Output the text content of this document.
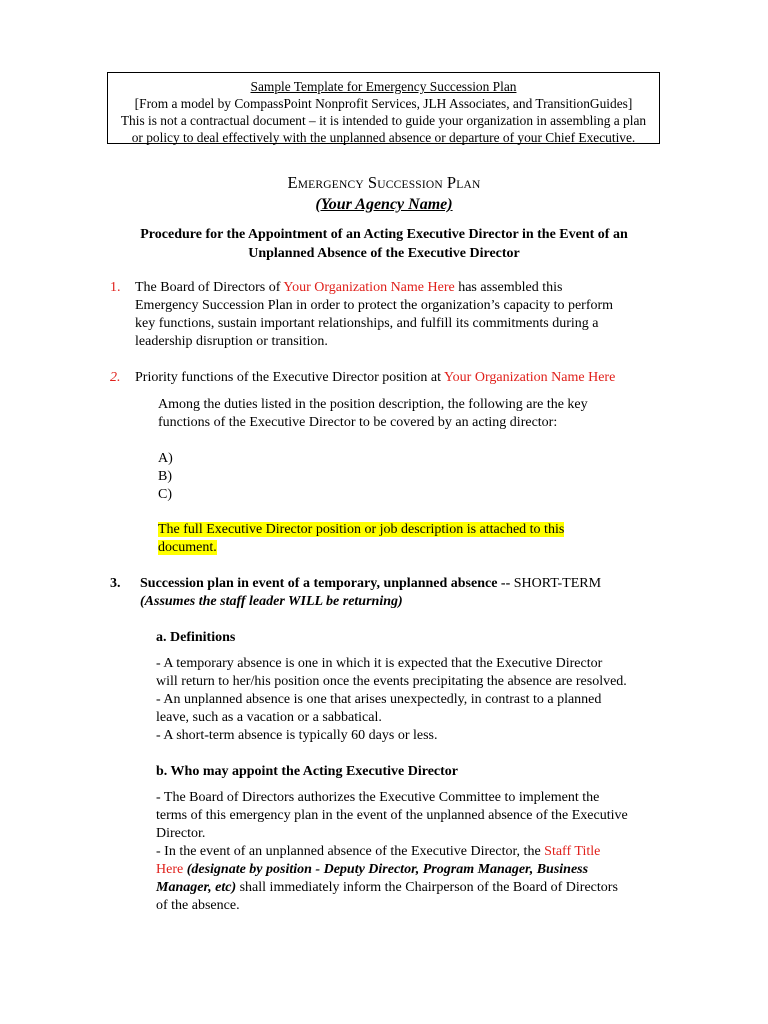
Sample Template for Emergency Succession Plan
[From a model by CompassPoint Nonprofit Services, JLH Associates, and TransitionGuides]
This is not a contractual document – it is intended to guide your organization in assembling a plan
or policy to deal effectively with the unplanned absence or departure of your Chief Executive.
EMERGENCY SUCCESSION PLAN
(Your Agency Name)
Procedure for the Appointment of an Acting Executive Director in the Event of an
Unplanned Absence of the Executive Director
1. The Board of Directors of Your Organization Name Here has assembled this
Emergency Succession Plan in order to protect the organization’s capacity to perform
key functions, sustain important relationships, and fulfill its commitments during a
leadership disruption or transition.
2. Priority functions of the Executive Director position at Your Organization Name Here
Among the duties listed in the position description, the following are the key
functions of the Executive Director to be covered by an acting director:
A)
B)
C)
The full Executive Director position or job description is attached to this
document.
3. Succession plan in event of a temporary, unplanned absence -- SHORT-TERM
(Assumes the staff leader WILL be returning)
a. Definitions
- A temporary absence is one in which it is expected that the Executive Director
will return to her/his position once the events precipitating the absence are resolved.
- An unplanned absence is one that arises unexpectedly, in contrast to a planned
leave, such as a vacation or a sabbatical.
- A short-term absence is typically 60 days or less.
b. Who may appoint the Acting Executive Director
- The Board of Directors authorizes the Executive Committee to implement the
terms of this emergency plan in the event of the unplanned absence of the Executive
Director.
- In the event of an unplanned absence of the Executive Director, the Staff Title
Here (designate by position - Deputy Director, Program Manager, Business
Manager, etc) shall immediately inform the Chairperson of the Board of Directors
of the absence.
